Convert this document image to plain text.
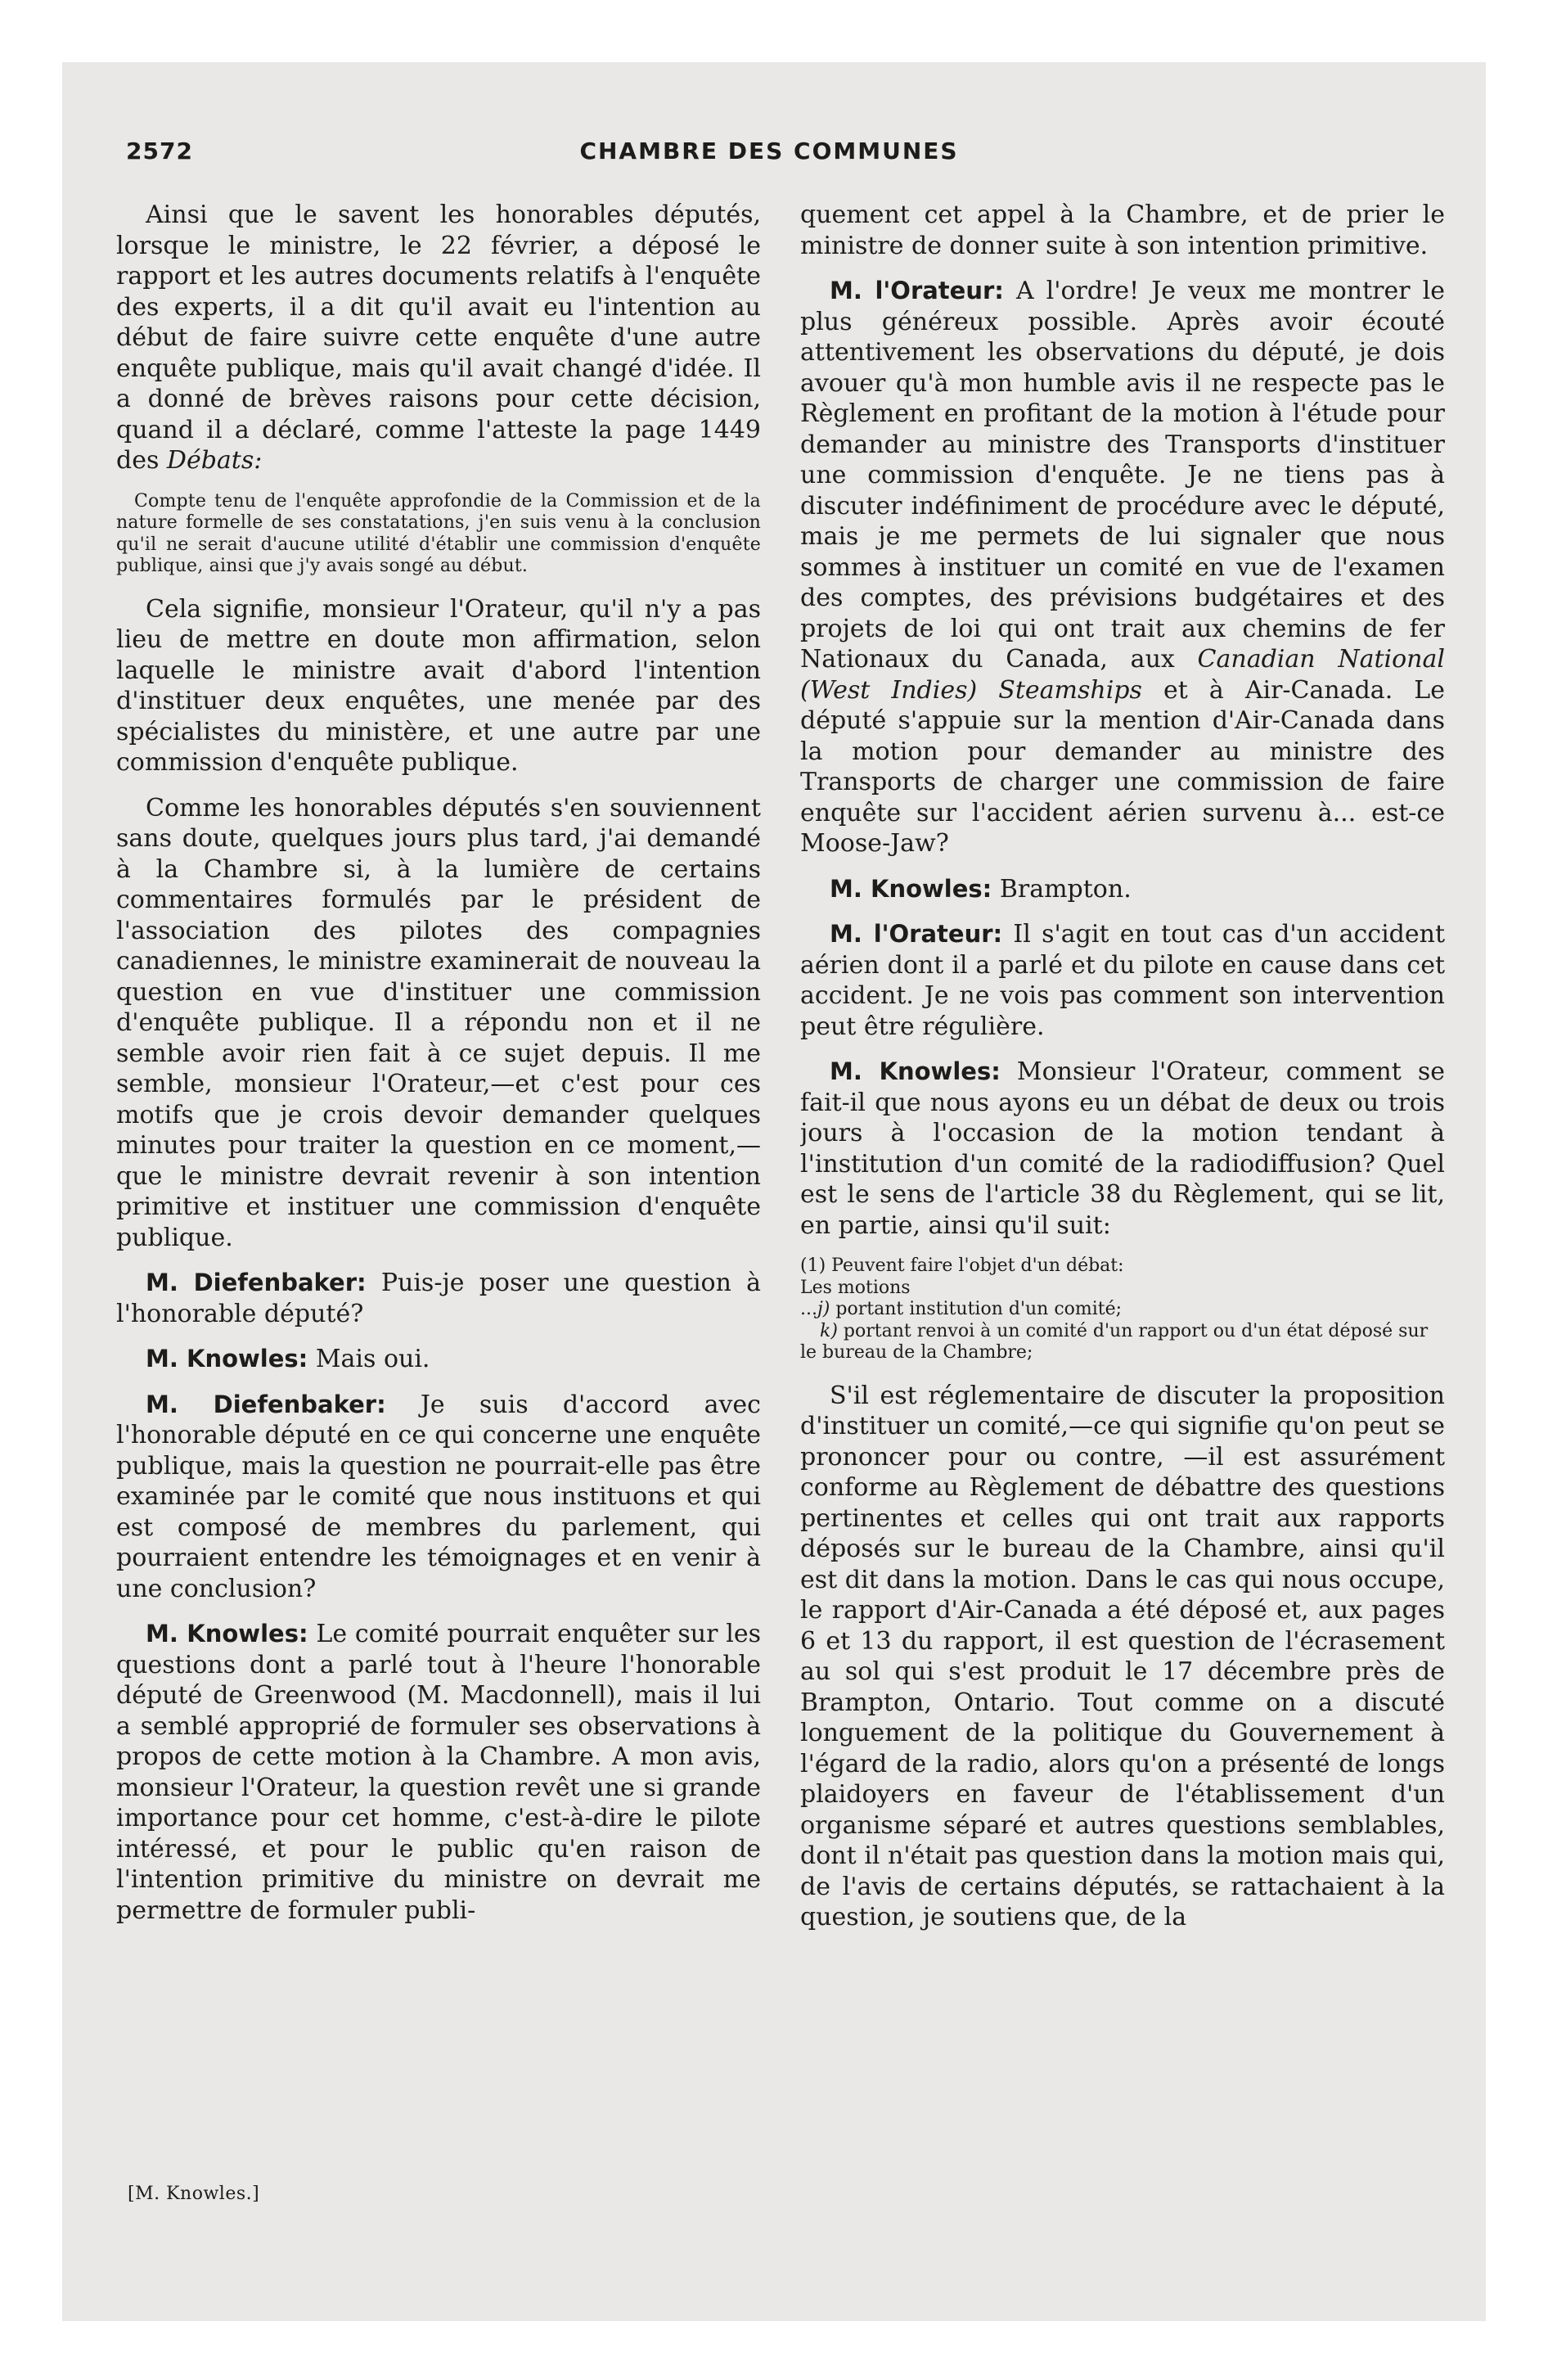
2572	CHAMBRE DES COMMUNES

Ainsi que le savent les honorables députés, lorsque le ministre, le 22 février, a déposé le rapport et les autres documents relatifs à l'enquête des experts, il a dit qu'il avait eu l'intention au début de faire suivre cette enquête d'une autre enquête publique, mais qu'il avait changé d'idée. Il a donné de brèves raisons pour cette décision, quand il a déclaré, comme l'atteste la page 1449 des Débats:

Compte tenu de l'enquête approfondie de la Commission et de la nature formelle de ses constatations, j'en suis venu à la conclusion qu'il ne serait d'aucune utilité d'établir une commission d'enquête publique, ainsi que j'y avais songé au début.

Cela signifie, monsieur l'Orateur, qu'il n'y a pas lieu de mettre en doute mon affirmation, selon laquelle le ministre avait d'abord l'intention d'instituer deux enquêtes, une menée par des spécialistes du ministère, et une autre par une commission d'enquête publique.

Comme les honorables députés s'en souviennent sans doute, quelques jours plus tard, j'ai demandé à la Chambre si, à la lumière de certains commentaires formulés par le président de l'association des pilotes des compagnies canadiennes, le ministre examinerait de nouveau la question en vue d'instituer une commission d'enquête publique. Il a répondu non et il ne semble avoir rien fait à ce sujet depuis. Il me semble, monsieur l'Orateur,—et c'est pour ces motifs que je crois devoir demander quelques minutes pour traiter la question en ce moment,—que le ministre devrait revenir à son intention primitive et instituer une commission d'enquête publique.

M. Diefenbaker: Puis-je poser une question à l'honorable député?

M. Knowles: Mais oui.

M. Diefenbaker: Je suis d'accord avec l'honorable député en ce qui concerne une enquête publique, mais la question ne pourrait-elle pas être examinée par le comité que nous instituons et qui est composé de membres du parlement, qui pourraient entendre les témoignages et en venir à une conclusion?

M. Knowles: Le comité pourrait enquêter sur les questions dont a parlé tout à l'heure l'honorable député de Greenwood (M. Macdonnell), mais il lui a semblé approprié de formuler ses observations à propos de cette motion à la Chambre. A mon avis, monsieur l'Orateur, la question revêt une si grande importance pour cet homme, c'est-à-dire le pilote intéressé, et pour le public qu'en raison de l'intention primitive du ministre on devrait me permettre de formuler publi-

[M. Knowles.]

quement cet appel à la Chambre, et de prier le ministre de donner suite à son intention primitive.

M. l'Orateur: A l'ordre! Je veux me montrer le plus généreux possible. Après avoir écouté attentivement les observations du député, je dois avouer qu'à mon humble avis il ne respecte pas le Règlement en profitant de la motion à l'étude pour demander au ministre des Transports d'instituer une commission d'enquête. Je ne tiens pas à discuter indéfiniment de procédure avec le député, mais je me permets de lui signaler que nous sommes à instituer un comité en vue de l'examen des comptes, des prévisions budgétaires et des projets de loi qui ont trait aux chemins de fer Nationaux du Canada, aux Canadian National (West Indies) Steamships et à Air-Canada. Le député s'appuie sur la mention d'Air-Canada dans la motion pour demander au ministre des Transports de charger une commission de faire enquête sur l'accident aérien survenu à... est-ce Moose-Jaw?

M. Knowles: Brampton.

M. l'Orateur: Il s'agit en tout cas d'un accident aérien dont il a parlé et du pilote en cause dans cet accident. Je ne vois pas comment son intervention peut être régulière.

M. Knowles: Monsieur l'Orateur, comment se fait-il que nous ayons eu un débat de deux ou trois jours à l'occasion de la motion tendant à l'institution d'un comité de la radiodiffusion? Quel est le sens de l'article 38 du Règlement, qui se lit, en partie, ainsi qu'il suit:

(1) Peuvent faire l'objet d'un débat:
Les motions
...j) portant institution d'un comité;
k) portant renvoi à un comité d'un rapport ou d'un état déposé sur le bureau de la Chambre;

S'il est réglementaire de discuter la proposition d'instituer un comité,—ce qui signifie qu'on peut se prononcer pour ou contre, —il est assurément conforme au Règlement de débattre des questions pertinentes et celles qui ont trait aux rapports déposés sur le bureau de la Chambre, ainsi qu'il est dit dans la motion. Dans le cas qui nous occupe, le rapport d'Air-Canada a été déposé et, aux pages 6 et 13 du rapport, il est question de l'écrasement au sol qui s'est produit le 17 décembre près de Brampton, Ontario. Tout comme on a discuté longuement de la politique du Gouvernement à l'égard de la radio, alors qu'on a présenté de longs plaidoyers en faveur de l'établissement d'un organisme séparé et autres questions semblables, dont il n'était pas question dans la motion mais qui, de l'avis de certains députés, se rattachaient à la question, je soutiens que, de la
